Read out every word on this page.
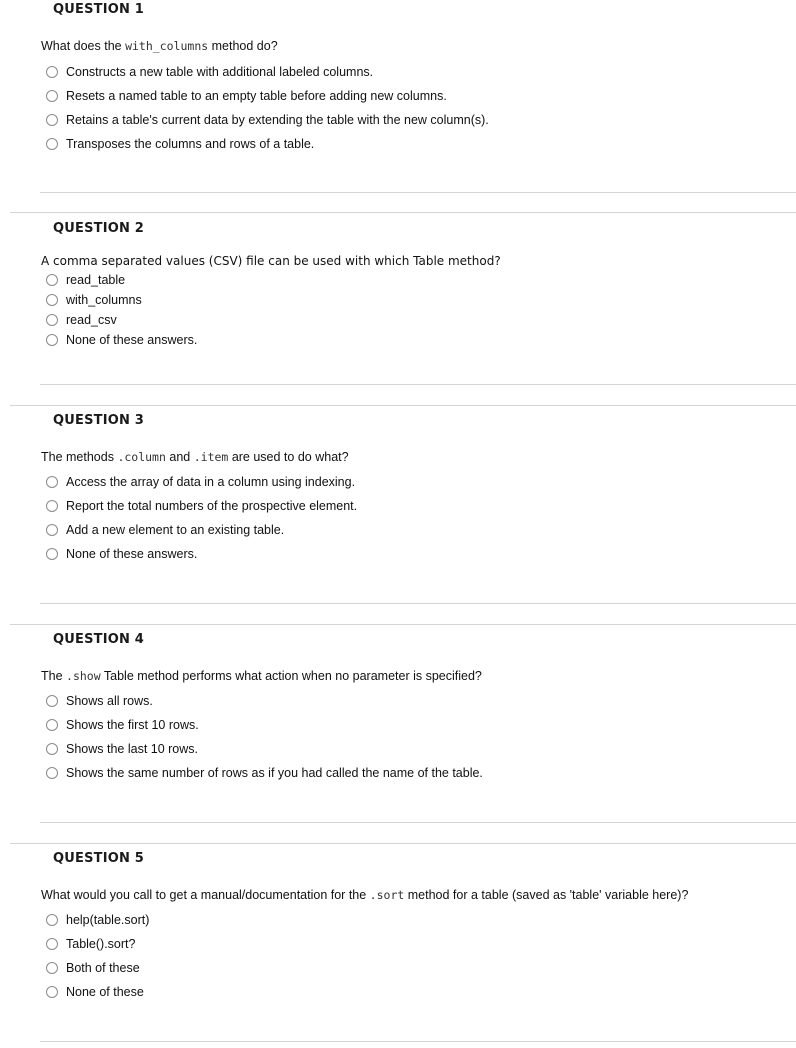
QUESTION 1
What does the with_columns method do?
Constructs a new table with additional labeled columns.
Resets a named table to an empty table before adding new columns.
Retains a table's current data by extending the table with the new column(s).
Transposes the columns and rows of a table.
QUESTION 2
A comma separated values (CSV) file can be used with which Table method?
read_table
with_columns
read_csv
None of these answers.
QUESTION 3
The methods .column and .item are used to do what?
Access the array of data in a column using indexing.
Report the total numbers of the prospective element.
Add a new element to an existing table.
None of these answers.
QUESTION 4
The .show Table method performs what action when no parameter is specified?
Shows all rows.
Shows the first 10 rows.
Shows the last 10 rows.
Shows the same number of rows as if you had called the name of the table.
QUESTION 5
What would you call to get a manual/documentation for the .sort method for a table (saved as 'table' variable here)?
help(table.sort)
Table().sort?
Both of these
None of these
